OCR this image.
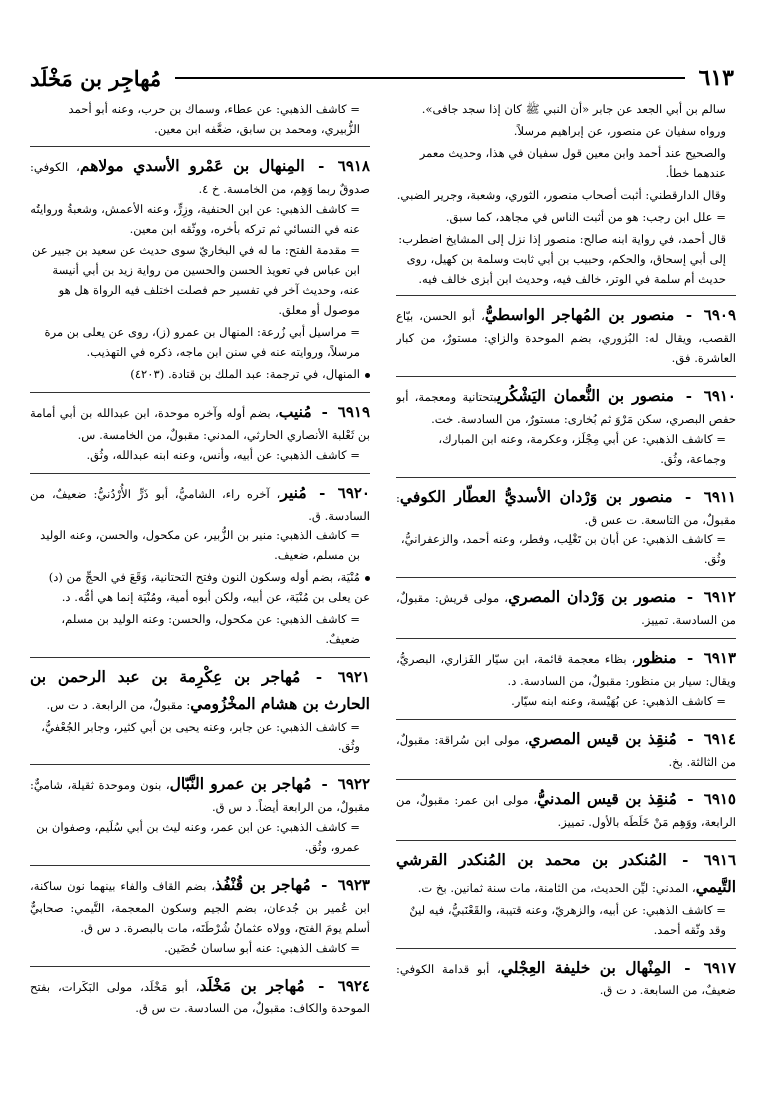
٦١٣
مُهاجِر بن مَخْلَد
سالم بن أبي الجعد عن جابر «أن النبي ﷺ كان إذا سجد جافى».
ورواه سفيان عن منصور، عن إبراهيم مرسلاً.
والصحيح عند أحمد وابن معين قول سفيان في هذا، وحديث معمر عندهما خطأ.
وقال الدارقطني: أثبت أصحاب منصور، الثوري، وشعبة، وجرير الضبي.
= علل ابن رجب: هو من أثبت الناس في مجاهد، كما سبق.
قال أحمد، في رواية ابنه صالح: منصور إذا نزل إلى المشايخ اضطرب: إلى أبي إسحاق، والحكم، وحبيب بن أبي ثابت وسلمة بن كهيل، روى حديث أم سلمة في الوتر، خالف فيه، وحديث ابن أبزى خالف فيه.
٦٩٠٩ - منصور بن المُهاجر الواسطيُّ، أبو الحسن، بيّاع القصب، ويقال له: البُزوري، بضم الموحدة والزاي: مستورٌ، من كبار العاشرة. فق.
٦٩١٠ - منصور بن النُّعمان اليَشْكُريبتحتانية ومعجمة، أبو حفص البصري، سكن مَرْوَ ثم بُخارى: مستورٌ، من السادسة. خت.
= كاشف الذهبي: عن أبي مِجْلَز، وعكرمة، وعنه ابن المبارك، وجماعة، وثُق.
٦٩١١ - منصور بن وَرْدان الأسديُّ العطّار الكوفي: مقبولٌ، من التاسعة. ت عس ق.
= كاشف الذهبي: عن أبان بن تَغْلِب، وفطر، وعنه أحمد، والزعفرانيُّ، وثُق.
٦٩١٢ - منصور بن وَرْدان المصري، مولى قريش: مقبولٌ، من السادسة. تمييز.
٦٩١٣ - منظور، بظاء معجمة قائمة، ابن سيّار الفَزاري، البصريُّ، ويقال: سيار بن منظور: مقبولٌ، من السادسة. د.
= كاشف الذهبي: عن بُهَيْسة، وعنه ابنه سيّار.
٦٩١٤ - مُنقِذ بن قيس المصري، مولى ابن سُراقة: مقبولٌ، من الثالثة. بخ.
٦٩١٥ - مُنقِذ بن قيس المدنيُّ، مولى ابن عمر: مقبولٌ، من الرابعة، ووَهِم مَنْ خَلَطَه بالأول. تمييز.
٦٩١٦ - المُنكدر بن محمد بن المُنكدر القرشي التَّيمي، المدني: ليِّن الحديث، من الثامنة، مات سنة ثمانين. بخ ت.
= كاشف الذهبي: عن أبيه، والزهريّ، وعنه قتيبة، والقَعْنَبيُّ، فيه لينٌ وقد وثّقه أحمد.
٦٩١٧ - المِنْهال بن خليفة العِجْلي، أبو قدامة الكوفي: ضعيفٌ، من السابعة. د ت ق.
= كاشف الذهبي: عن عطاء، وسماك بن حرب، وعنه أبو أحمد الزُّبيري، ومحمد بن سابق، ضعَّفه ابن معين.
٦٩١٨ - المِنهال بن عَمْرو الأسدي مولاهم، الكوفي: صدوقٌ ربما وَهِم، من الخامسة. خ ٤.
= كاشف الذهبي: عن ابن الحنفية، وزِرٍّ، وعنه الأعمش، وشعبةُ وروايتُه عنه في النسائي ثم تركه بأخره، ووثّقه ابن معين.
= مقدمة الفتح: ما له في البخاريّ سوى حديث عن سعيد بن جبير عن ابن عباس في تعويذ الحسن والحسين من رواية زيد بن أبي أنيسة عنه، وحديث آخر في تفسير حم فصلت اختلف فيه الرواة هل هو موصول أو معلق.
= مراسيل أبي زُرعة: المنهال بن عمرو (ز)، روى عن يعلى بن مرة مرسلاً، وروايته عنه في سنن ابن ماجه، ذكره في التهذيب.
المنهال، في ترجمة: عبد الملك بن قتادة. (٤٢٠٣)
٦٩١٩ - مُنيب، بضم أوله وآخره موحدة، ابن عبدالله بن أبي أمامة بن ثَعْلبة الأنصاري الحارثي، المدني: مقبولٌ، من الخامسة. س.
= كاشف الذهبي: عن أبيه، وأنس، وعنه ابنه عبدالله، وثُق.
٦٩٢٠ - مُنير، آخره راء، الشاميُّ، أبو ذَرٍّ الأُرْدُنيُّ: ضعيفٌ، من السادسة. ق.
= كاشف الذهبي: منير بن الزُّبير، عن مكحول، والحسن، وعنه الوليد بن مسلم، ضعيف.
مُنْيَة، بضم أوله وسكون النون وفتح التحتانية، وَقَعَ في الحجِّ من (د) عن يعلى بن مُنْيَة، عن أبيه، ولكن أبوه أمية، ومُنْيَة إنما هي أمُّه. د.
= كاشف الذهبي: عن مكحول، والحسن: وعنه الوليد بن مسلم، ضعيفٌ.
٦٩٢١ - مُهاجر بن عِكْرِمة بن عبد الرحمن بن الحارث بن هشام المخْزُومي: مقبولٌ، من الرابعة. د ت س.
= كاشف الذهبي: عن جابر، وعنه يحيى بن أبي كثير، وجابر الجُعْفيُّ، وثُق.
٦٩٢٢ - مُهاجر بن عمرو النَّبّال، بنون وموحدة ثقيلة، شاميٌّ: مقبولٌ، من الرابعة أيضاً. د س ق.
= كاشف الذهبي: عن ابن عمر، وعنه ليث بن أبي سُلَيم، وصفوان بن عمرو، وثُق.
٦٩٢٣ - مُهاجر بن قُنْفُذ، بضم القاف والفاء بينهما نون ساكنة، ابن عُمير بن جُدعان، بضم الجيم وسكون المعجمة، التَّيمي: صحابيٌّ أسلم يومَ الفتح، وولاه عثمانُ شُرْطَتَه، مات بالبصرة. د س ق.
= كاشف الذهبي: عنه أبو ساسان حُضَين.
٦٩٢٤ - مُهاجر بن مَخْلَد، أبو مَخْلَد، مولى البَكَرات، بفتح الموحدة والكاف: مقبولٌ، من السادسة. ت س ق.
